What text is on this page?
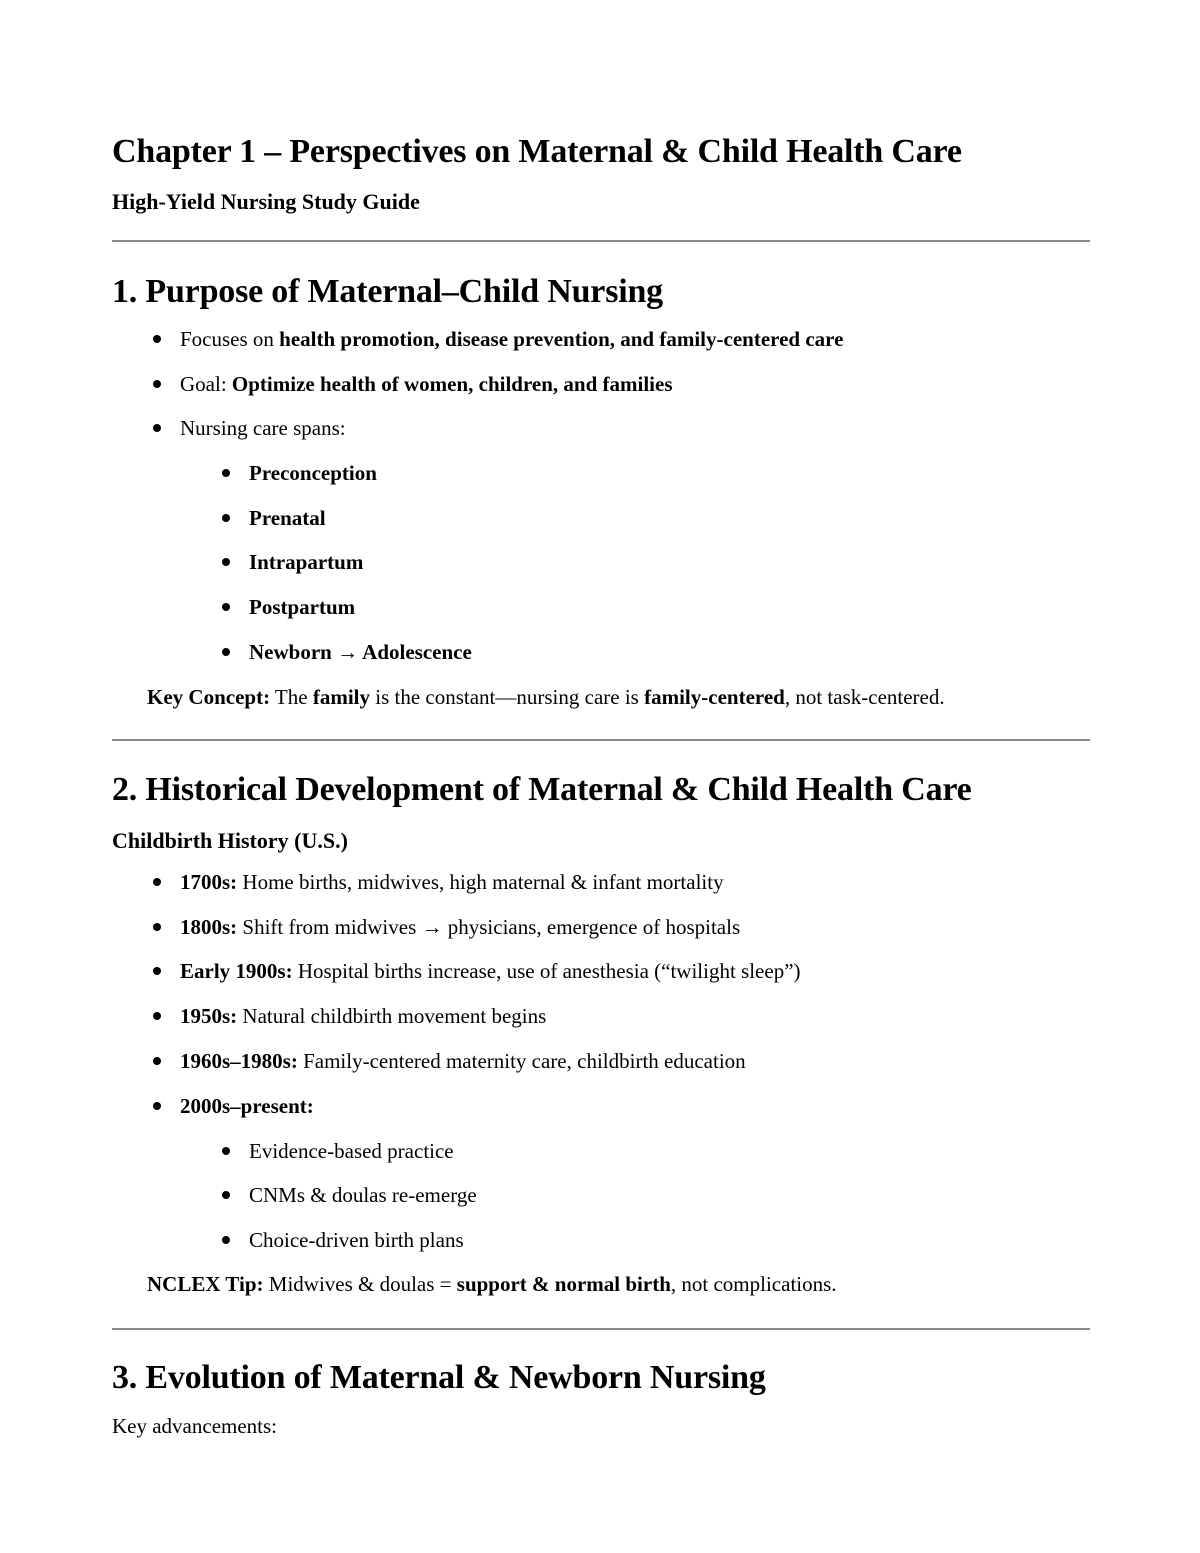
Chapter 1 – Perspectives on Maternal & Child Health Care
High-Yield Nursing Study Guide
1. Purpose of Maternal–Child Nursing
Focuses on health promotion, disease prevention, and family-centered care
Goal: Optimize health of women, children, and families
Nursing care spans:
Preconception
Prenatal
Intrapartum
Postpartum
Newborn → Adolescence
Key Concept: The family is the constant—nursing care is family-centered, not task-centered.
2. Historical Development of Maternal & Child Health Care
Childbirth History (U.S.)
1700s: Home births, midwives, high maternal & infant mortality
1800s: Shift from midwives → physicians, emergence of hospitals
Early 1900s: Hospital births increase, use of anesthesia (“twilight sleep”)
1950s: Natural childbirth movement begins
1960s–1980s: Family-centered maternity care, childbirth education
2000s–present:
Evidence-based practice
CNMs & doulas re-emerge
Choice-driven birth plans
NCLEX Tip: Midwives & doulas = support & normal birth, not complications.
3. Evolution of Maternal & Newborn Nursing
Key advancements:
